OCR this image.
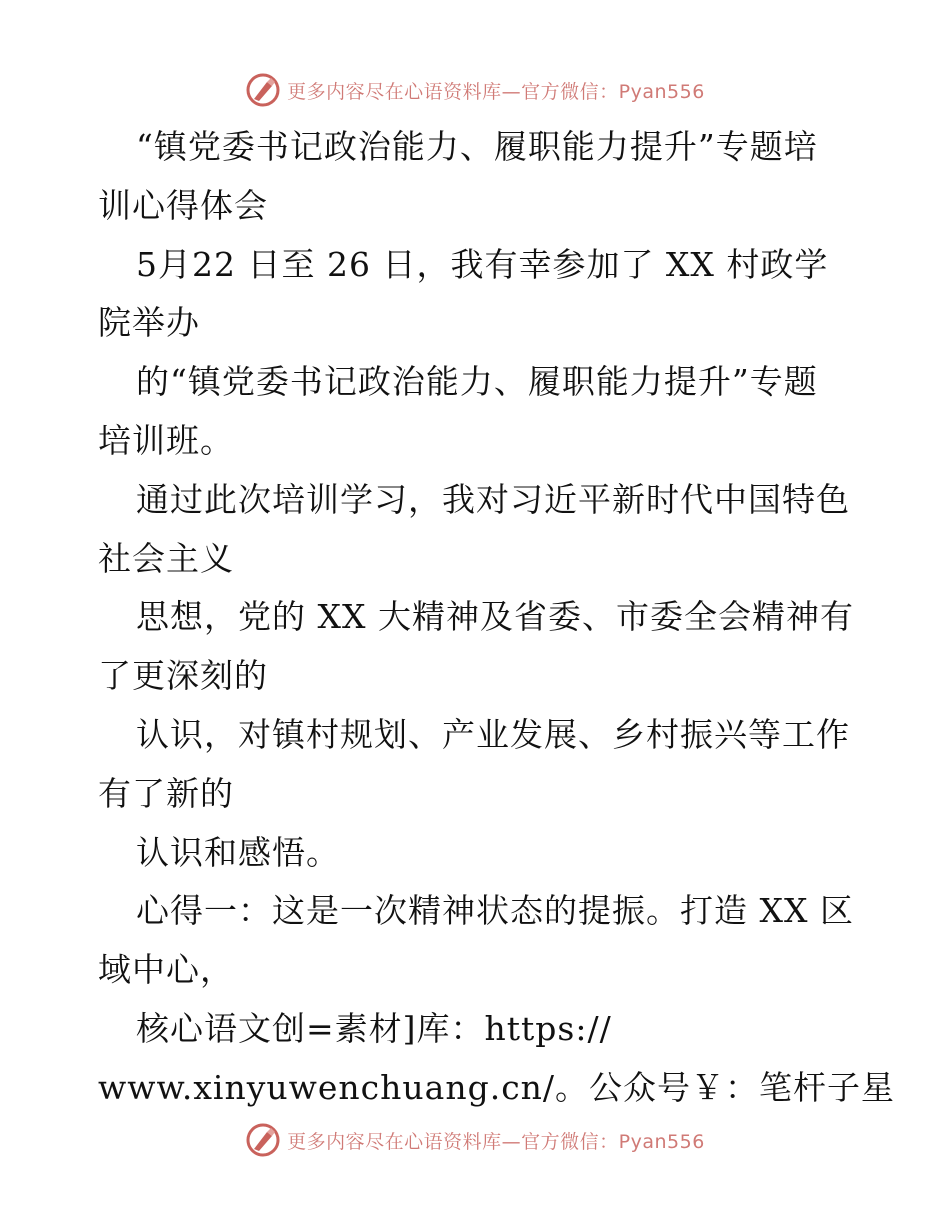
更多内容尽在心语资料库—官方微信：Pyan556
“镇党委书记政治能力、履职能力提升”专题培
训心得体会
5月22 日至 26 日，我有幸参加了 XX 村政学
院举办
的“镇党委书记政治能力、履职能力提升”专题
培训班。
通过此次培训学习，我对习近平新时代中国特色
社会主义
思想，党的 XX 大精神及省委、市委全会精神有
了更深刻的
认识，对镇村规划、产业发展、乡村振兴等工作
有了新的
认识和感悟。
心得一：这是一次精神状态的提振。打造 XX 区
域中心，
核心语文创=素材]库：https://
www.xinyuwenchuang.cn/。公众号￥：笔杆子星
更多内容尽在心语资料库—官方微信：Pyan556
